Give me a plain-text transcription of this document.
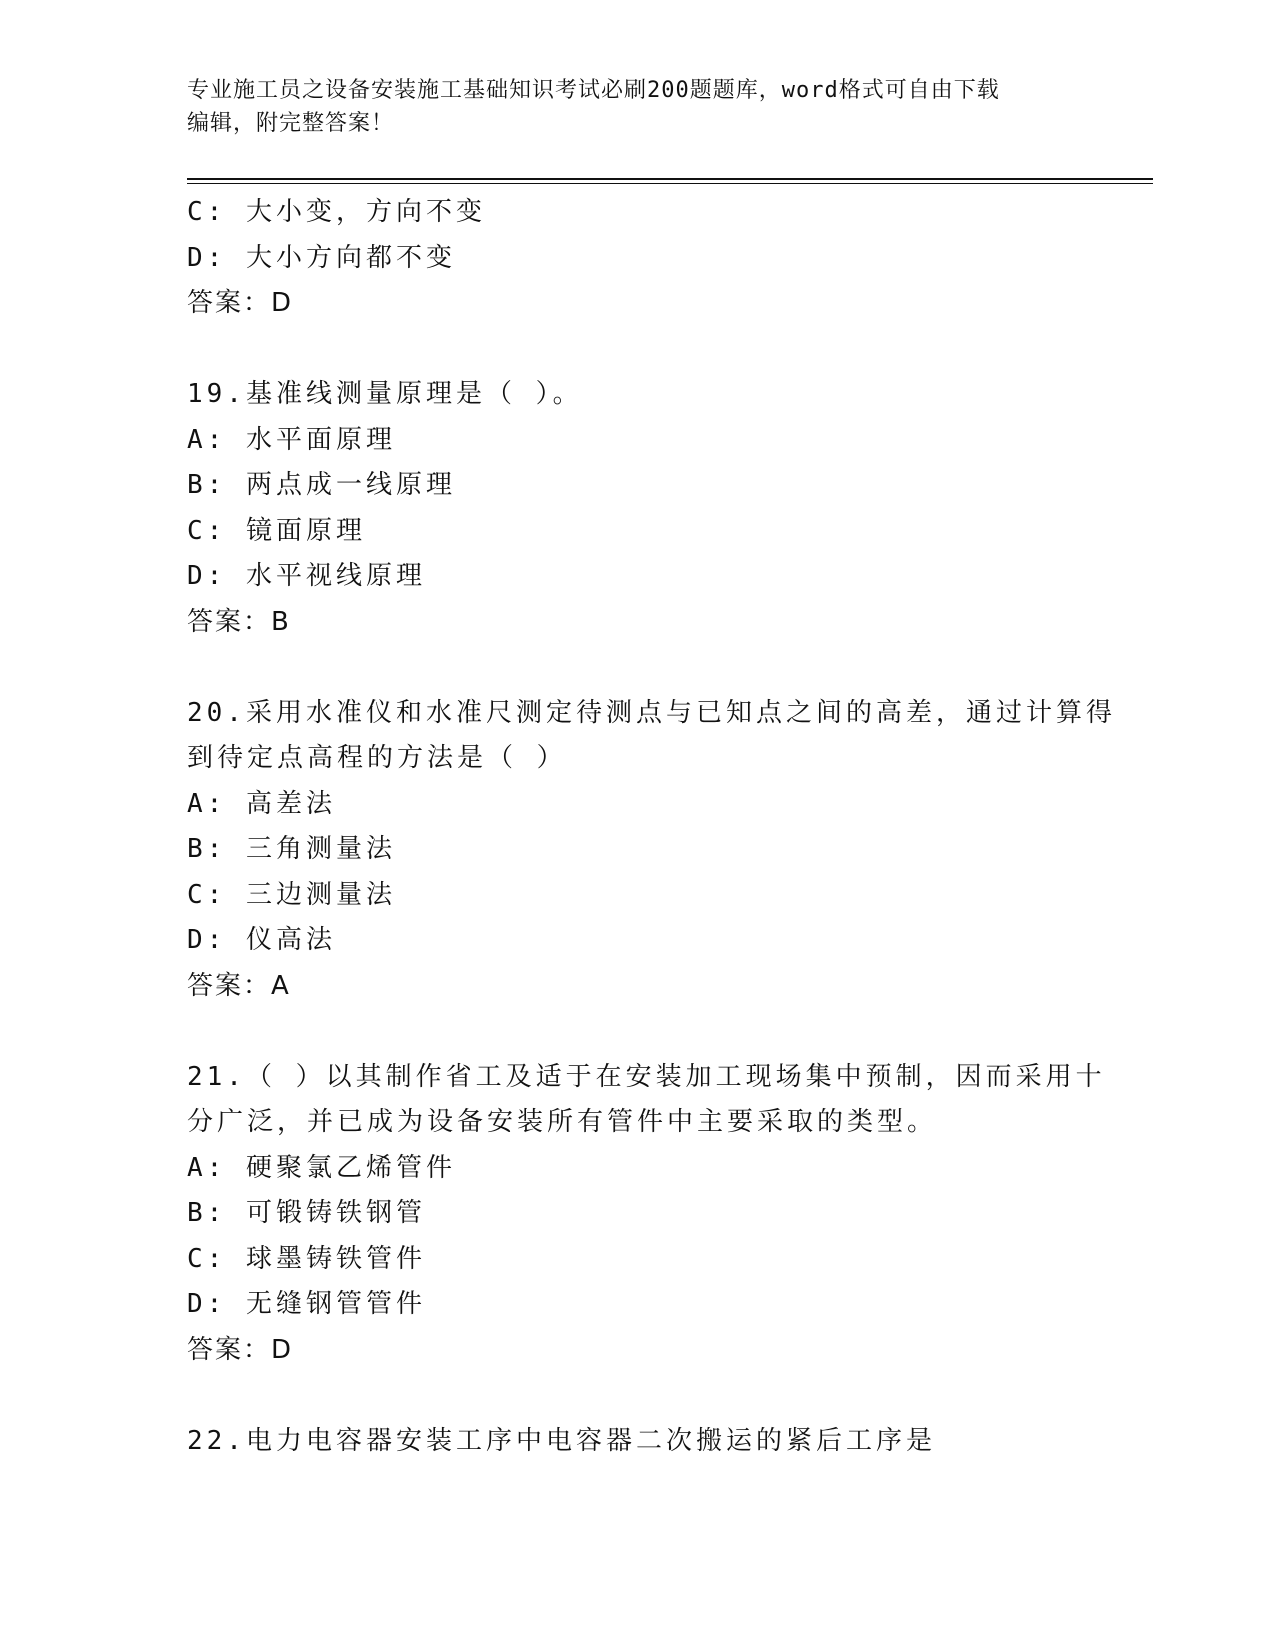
专业施工员之设备安装施工基础知识考试必刷200题题库，word格式可自由下载
编辑，附完整答案！
C: 大小变，方向不变
D: 大小方向都不变
答案：D
19.基准线测量原理是（ ）。
A: 水平面原理
B: 两点成一线原理
C: 镜面原理
D: 水平视线原理
答案：B
20.采用水准仪和水准尺测定待测点与已知点之间的高差，通过计算得
到待定点高程的方法是（ ）
A: 高差法
B: 三角测量法
C: 三边测量法
D: 仪高法
答案：A
21.（ ）以其制作省工及适于在安装加工现场集中预制，因而采用十
分广泛，并已成为设备安装所有管件中主要采取的类型。
A: 硬聚氯乙烯管件
B: 可锻铸铁钢管
C: 球墨铸铁管件
D: 无缝钢管管件
答案：D
22.电力电容器安装工序中电容器二次搬运的紧后工序是
